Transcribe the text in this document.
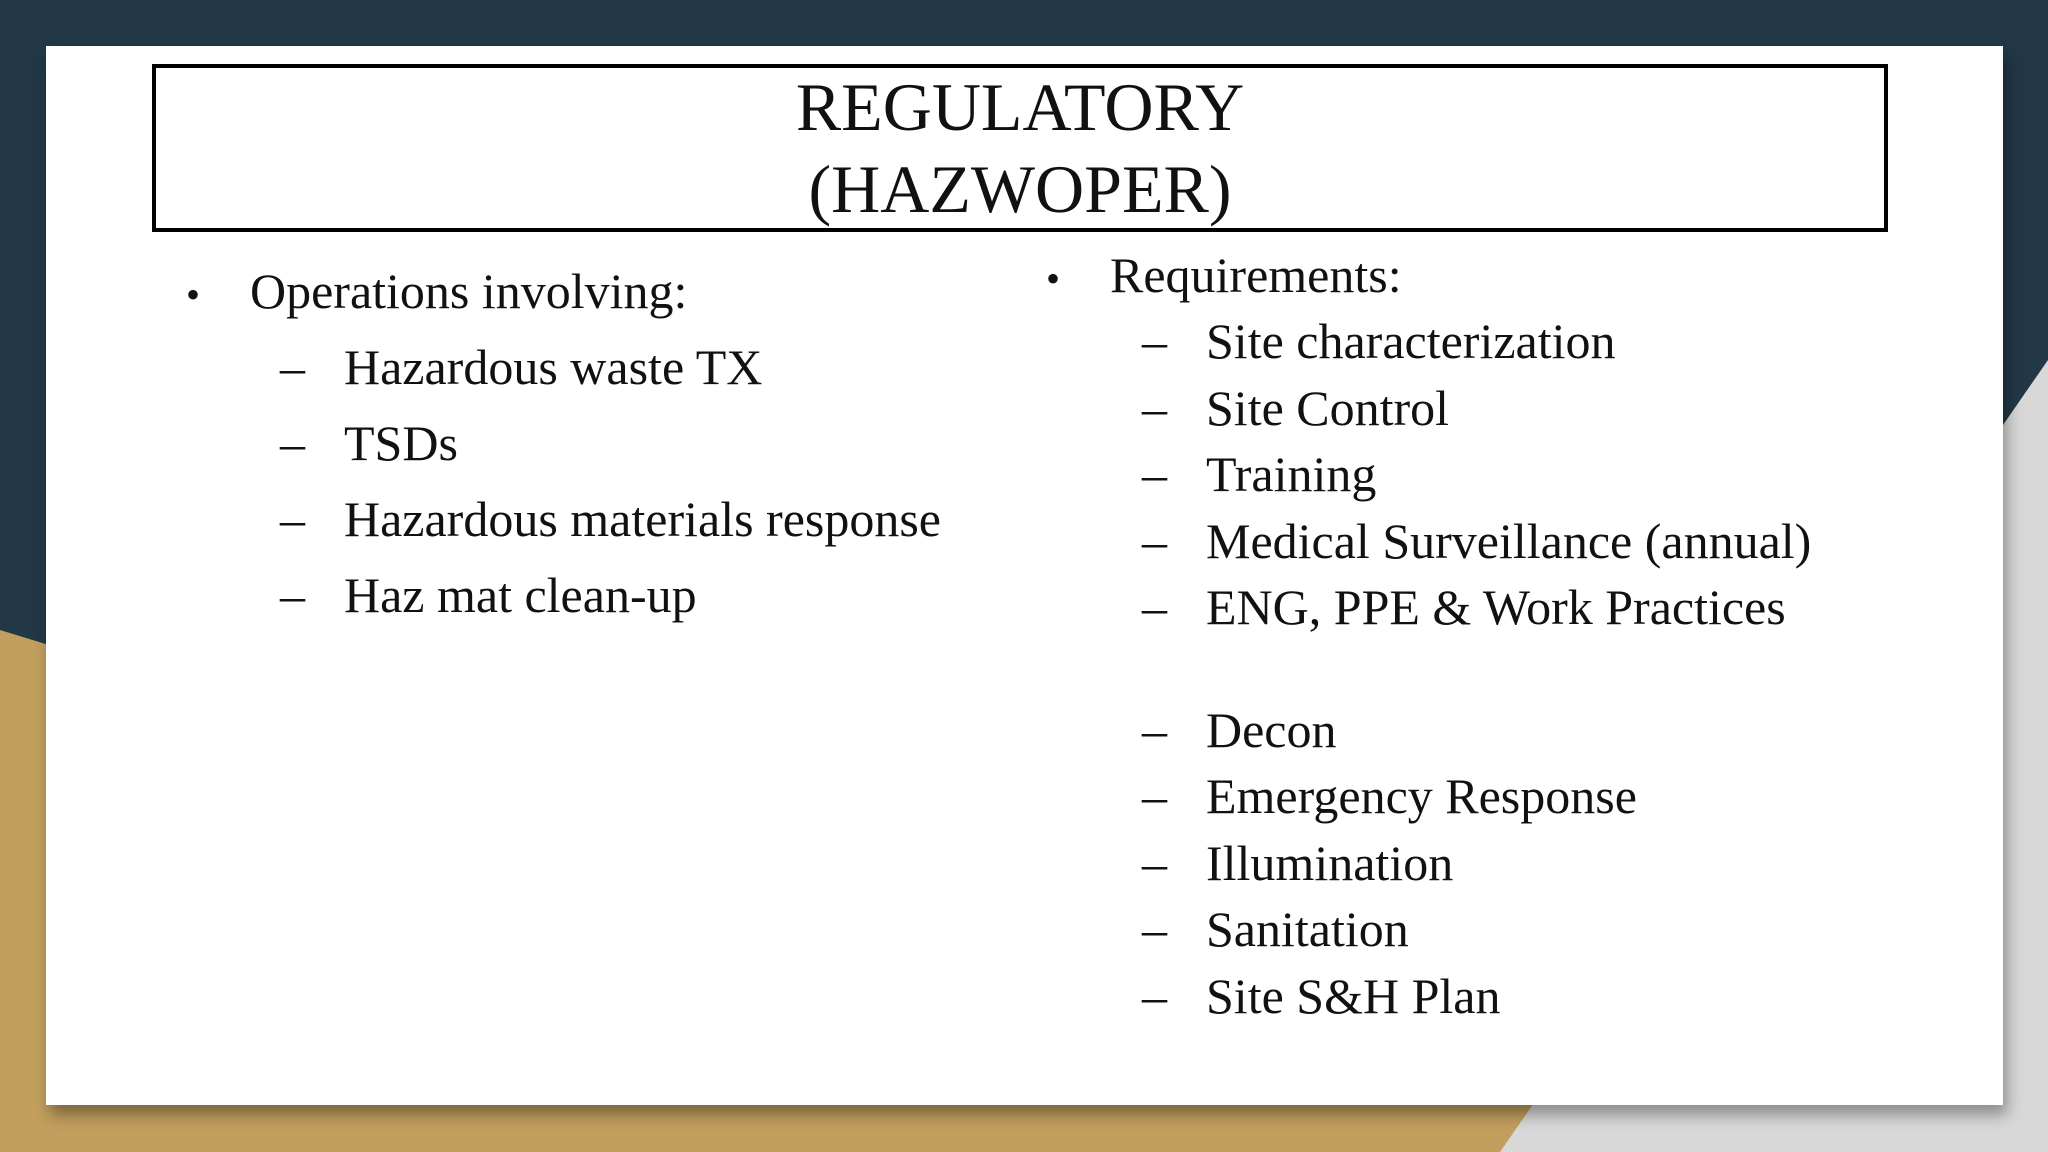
REGULATORY
(HAZWOPER)
• Operations involving:
– Hazardous waste TX
– TSDs
– Hazardous materials response
– Haz mat clean-up
• Requirements:
– Site characterization
– Site Control
– Training
– Medical Surveillance (annual)
– ENG, PPE & Work Practices
– Decon
– Emergency Response
– Illumination
– Sanitation
– Site S&H Plan
